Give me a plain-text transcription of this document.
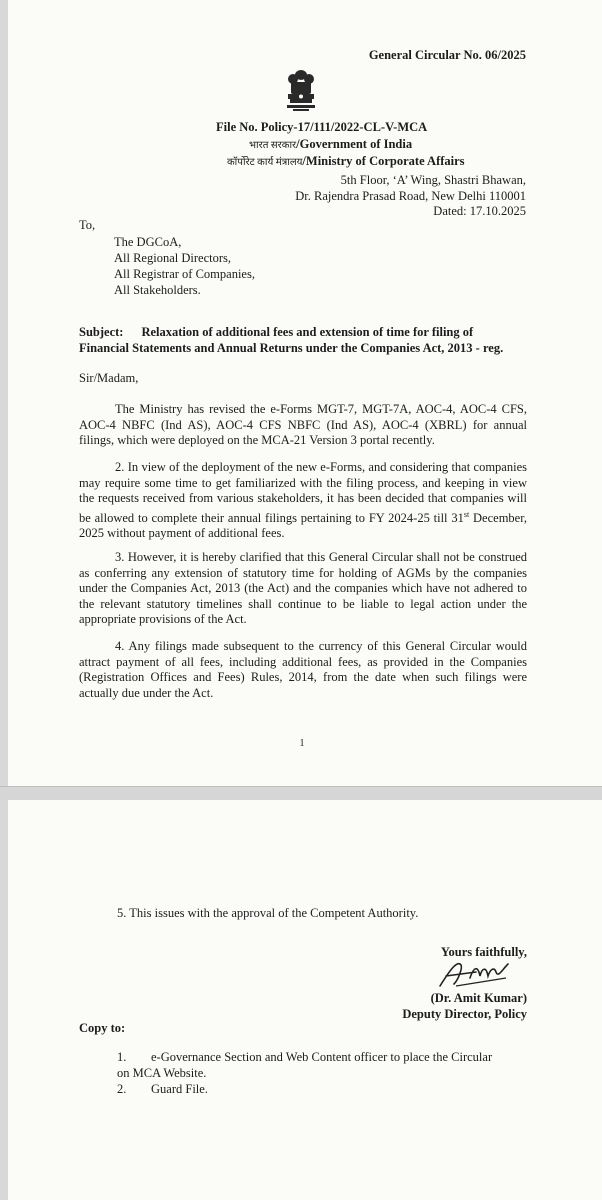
General Circular No. 06/2025
File No. Policy-17/111/2022-CL-V-MCA
भारत सरकार/Government of India
कॉर्पोरेट कार्य मंत्रालय/Ministry of Corporate Affairs
5th Floor, ‘A’ Wing, Shastri Bhawan,
Dr. Rajendra Prasad Road, New Delhi 110001
Dated: 17.10.2025
To,
The DGCoA,
All Regional Directors,
All Registrar of Companies,
All Stakeholders.
Subject: Relaxation of additional fees and extension of time for filing of
Financial Statements and Annual Returns under the Companies Act, 2013 - reg.
Sir/Madam,
The Ministry has revised the e-Forms MGT-7, MGT-7A, AOC-4, AOC-4 CFS, AOC-4 NBFC (Ind AS), AOC-4 CFS NBFC (Ind AS), AOC-4 (XBRL) for annual filings, which were deployed on the MCA-21 Version 3 portal recently.
2. In view of the deployment of the new e-Forms, and considering that companies may require some time to get familiarized with the filing process, and keeping in view the requests received from various stakeholders, it has been decided that companies will be allowed to complete their annual filings pertaining to FY 2024-25 till 31st December, 2025 without payment of additional fees.
3. However, it is hereby clarified that this General Circular shall not be construed as conferring any extension of statutory time for holding of AGMs by the companies under the Companies Act, 2013 (the Act) and the companies which have not adhered to the relevant statutory timelines shall continue to be liable to legal action under the appropriate provisions of the Act.
4. Any filings made subsequent to the currency of this General Circular would attract payment of all fees, including additional fees, as provided in the Companies (Registration Offices and Fees) Rules, 2014, from the date when such filings were actually due under the Act.
1
5. This issues with the approval of the Competent Authority.
Yours faithfully,
(Dr. Amit Kumar)
Deputy Director, Policy
Copy to:
1. e-Governance Section and Web Content officer to place the Circular
on MCA Website.
2. Guard File.
